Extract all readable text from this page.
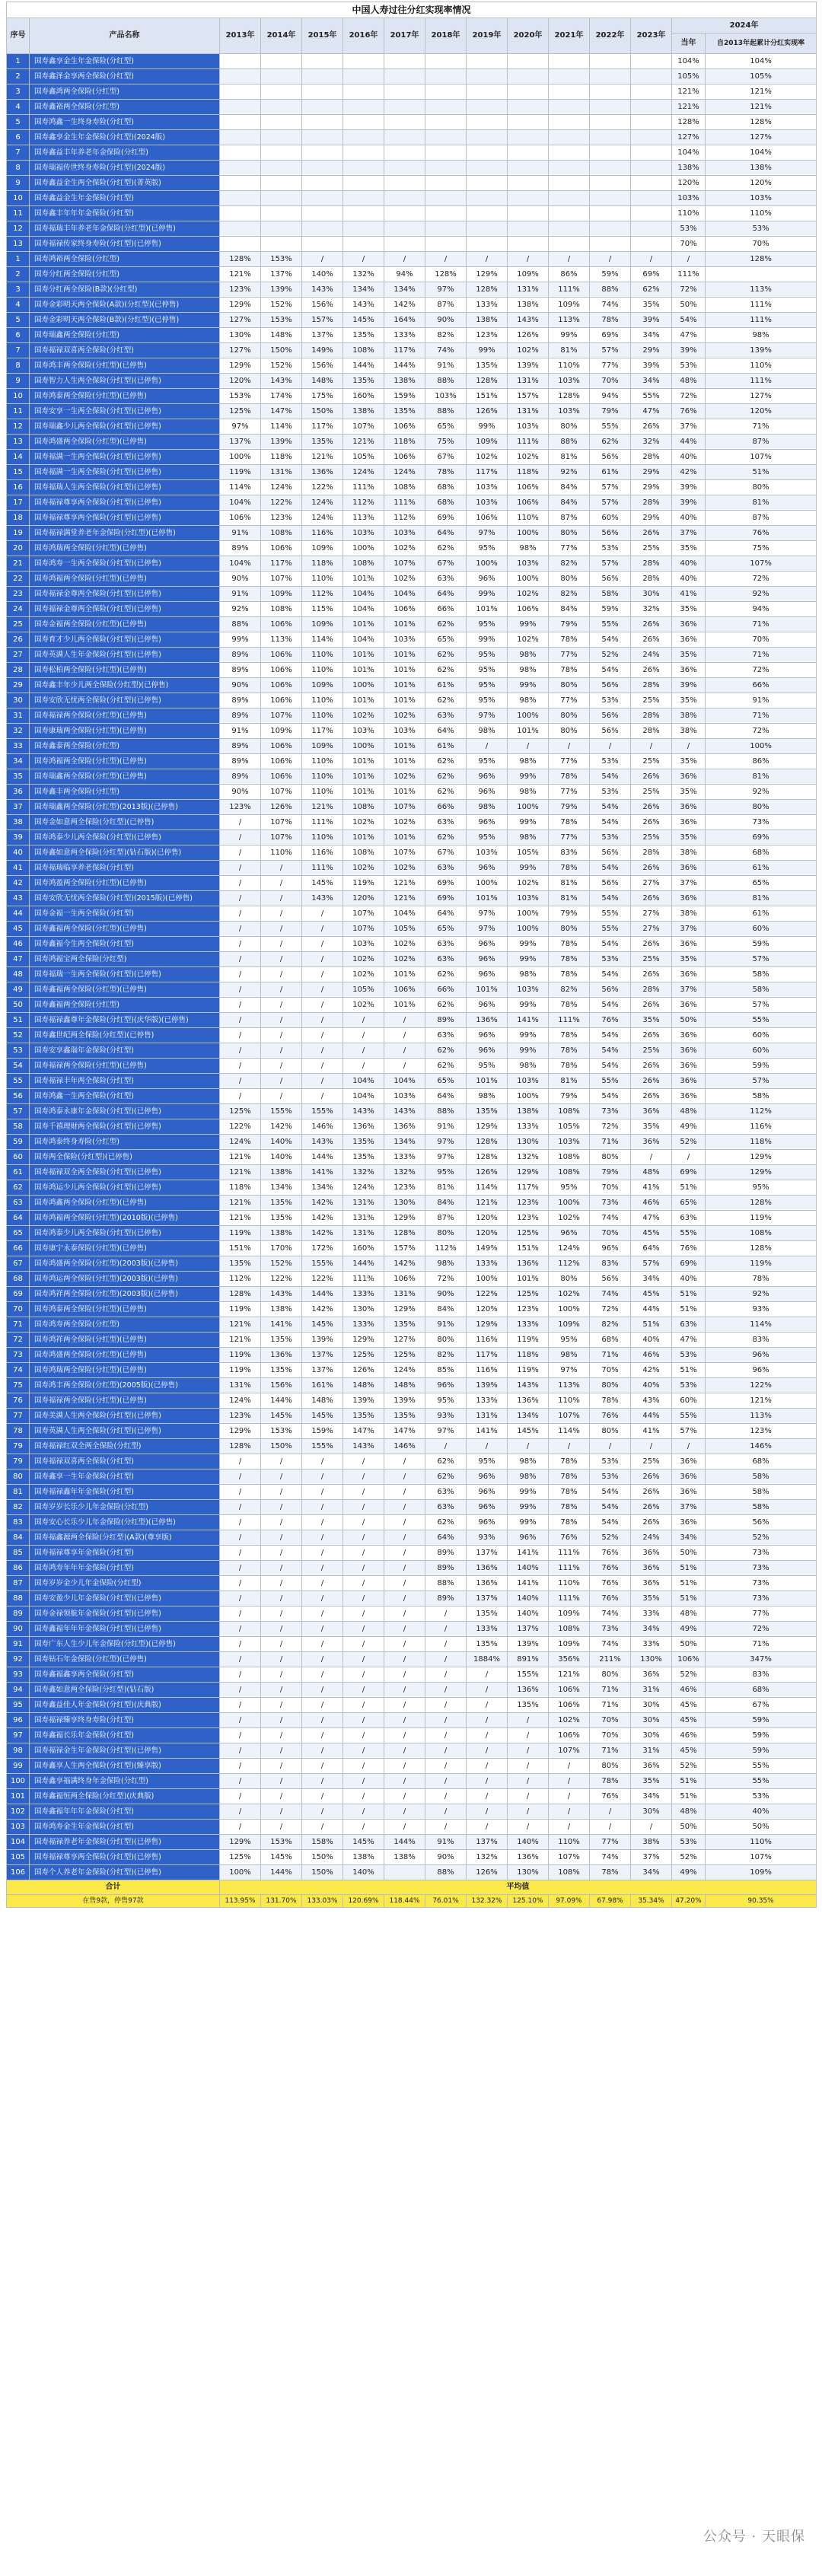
中国人寿过往分红实现率情况														
序号	产品名称	2013年	2014年	2015年	2016年	2017年	2018年	2019年	2020年	2021年	2022年	2023年	2024年	
													当年	自2013年起累计分红实现率
1	国寿鑫享金生年金保险(分红型)												104%	104%
2	国寿鑫泽金享两全保险(分红型)												105%	105%
3	国寿鑫鸿两全保险(分红型)												121%	121%
4	国寿鑫裕两全保险(分红型)												121%	121%
5	国寿鸿鑫一生终身寿险(分红型)												128%	128%
6	国寿鑫享金生年金保险(分红型)(2024版)												127%	127%
7	国寿鑫益丰年养老年金保险(分红型)												104%	104%
8	国寿瑞福传世终身寿险(分红型)(2024版)												138%	138%
9	国寿鑫益金生两全保险(分红型)(菁英版)												120%	120%
10	国寿鑫益金生年金保险(分红型)												103%	103%
11	国寿鑫丰年年年金保险(分红型)												110%	110%
12	国寿福瑞丰年养老年金保险(分红型)(已停售)												53%	53%
13	国寿福禄传家终身寿险(分红型)(已停售)												70%	70%
1	国寿鸿裕两全保险(分红型)	128%	153%	/	/	/	/	/	/	/	/	/	/	128%
2	国寿分红两全保险(分红型)	121%	137%	140%	132%	94%	128%	129%	109%	86%	59%	69%	111%	
3	国寿分红两全保险(B款)(分红型)	123%	139%	143%	134%	134%	97%	128%	131%	111%	88%	62%	72%	113%
4	国寿金彩明天两全保险(A款)(分红型)(已停售)	129%	152%	156%	143%	142%	87%	133%	138%	109%	74%	35%	50%	111%
5	国寿金彩明天两全保险(B款)(分红型)(已停售)	127%	153%	157%	145%	164%	90%	138%	143%	113%	78%	39%	54%	111%
6	国寿瑞鑫两全保险(分红型)	130%	148%	137%	135%	133%	82%	123%	126%	99%	69%	34%	47%	98%
7	国寿福禄双喜两全保险(分红型)	127%	150%	149%	108%	117%	74%	99%	102%	81%	57%	29%	39%	139%
8	国寿鸿丰两全保险(分红型)(已停售)	129%	152%	156%	144%	144%	91%	135%	139%	110%	77%	39%	53%	110%
9	国寿智力人生两全保险(分红型)(已停售)	120%	143%	148%	135%	138%	88%	128%	131%	103%	70%	34%	48%	111%
10	国寿鸿泰两全保险(分红型)(已停售)	153%	174%	175%	160%	159%	103%	151%	157%	128%	94%	55%	72%	127%
11	国寿安享一生两全保险(分红型)(已停售)	125%	147%	150%	138%	135%	88%	126%	131%	103%	79%	47%	76%	120%
12	国寿瑞鑫少儿两全保险(分红型)(已停售)	97%	114%	117%	107%	106%	65%	99%	103%	80%	55%	26%	37%	71%
13	国寿鸿盛两全保险(分红型)(已停售)	137%	139%	135%	121%	118%	75%	109%	111%	88%	62%	32%	44%	87%
14	国寿福满一生两全保险(分红型)(已停售)	100%	118%	121%	105%	106%	67%	102%	102%	81%	56%	28%	40%	107%
15	国寿福满一生两全保险(分红型)(已停售)	119%	131%	136%	124%	124%	78%	117%	118%	92%	61%	29%	42%	51%
16	国寿福瑞人生两全保险(分红型)(已停售)	114%	124%	122%	111%	108%	68%	103%	106%	84%	57%	29%	39%	80%
17	国寿福禄尊享两全保险(分红型)(已停售)	104%	122%	124%	112%	111%	68%	103%	106%	84%	57%	28%	39%	81%
18	国寿福禄尊享两全保险(分红型)(已停售)	106%	123%	124%	113%	112%	69%	106%	110%	87%	60%	29%	40%	87%
19	国寿福禄满堂养老年金保险(分红型)(已停售)	91%	108%	116%	103%	103%	64%	97%	100%	80%	56%	26%	37%	76%
20	国寿鸿瑞两全保险(分红型)(已停售)	89%	106%	109%	100%	102%	62%	95%	98%	77%	53%	25%	35%	75%
21	国寿鸿寿一生两全保险(分红型)(已停售)	104%	117%	118%	108%	107%	67%	100%	103%	82%	57%	28%	40%	107%
22	国寿鸿福两全保险(分红型)(已停售)	90%	107%	110%	101%	102%	63%	96%	100%	80%	56%	28%	40%	72%
23	国寿福禄金尊两全保险(分红型)(已停售)	91%	109%	112%	104%	104%	64%	99%	102%	82%	58%	30%	41%	92%
24	国寿福禄金尊两全保险(分红型)(已停售)	92%	108%	115%	104%	106%	66%	101%	106%	84%	59%	32%	35%	94%
25	国寿金福两全保险(分红型)(已停售)	88%	106%	109%	101%	101%	62%	95%	99%	79%	55%	26%	36%	71%
26	国寿育才少儿两全保险(分红型)(已停售)	99%	113%	114%	104%	103%	65%	99%	102%	78%	54%	26%	36%	70%
27	国寿英满人生年金保险(分红型)(已停售)	89%	106%	110%	101%	101%	62%	95%	98%	77%	52%	24%	35%	71%
28	国寿松柏两全保险(分红型)(已停售)	89%	106%	110%	101%	101%	62%	95%	98%	78%	54%	26%	36%	72%
29	国寿鑫丰年少儿两全保险(分红型)(已停售)	90%	106%	109%	100%	101%	61%	95%	99%	80%	56%	28%	39%	66%
30	国寿安欣无忧两全保险(分红型)(已停售)	89%	106%	110%	101%	101%	62%	95%	98%	77%	53%	25%	35%	91%
31	国寿福禄两全保险(分红型)(已停售)	89%	107%	110%	102%	102%	63%	97%	100%	80%	56%	28%	38%	71%
32	国寿康瑞两全保险(分红型)(已停售)	91%	109%	117%	103%	103%	64%	98%	101%	80%	56%	28%	38%	72%
33	国寿鑫泰两全保险(分红型)	89%	106%	109%	100%	101%	61%	/	/	/	/	/	/	100%
34	国寿鸿福两全保险(分红型)(已停售)	89%	106%	110%	101%	101%	62%	95%	98%	77%	53%	25%	35%	86%
35	国寿瑞鑫两全保险(分红型)(已停售)	89%	106%	110%	101%	102%	62%	96%	99%	78%	54%	26%	36%	81%
36	国寿鑫丰两全保险(分红型)	90%	107%	110%	101%	101%	62%	96%	98%	77%	53%	25%	35%	92%
37	国寿瑞鑫两全保险(分红型)(2013版)(已停售)	123%	126%	121%	108%	107%	66%	98%	100%	79%	54%	26%	36%	80%
38	国寿金如意两全保险(分红型)(已停售)	/	107%	111%	102%	102%	63%	96%	99%	78%	54%	26%	36%	73%
39	国寿鸿泰少儿两全保险(分红型)(已停售)	/	107%	110%	101%	101%	62%	95%	98%	77%	53%	25%	35%	69%
40	国寿鑫如意两全保险(分红型)(钻石版)(已停售)	/	110%	116%	108%	107%	67%	103%	105%	83%	56%	28%	38%	68%
41	国寿福瑞临享养老保险(分红型)	/	/	111%	102%	102%	63%	96%	99%	78%	54%	26%	36%	61%
42	国寿鸿盈两全保险(分红型)(已停售)	/	/	145%	119%	121%	69%	100%	102%	81%	56%	27%	37%	65%
43	国寿安欣无忧两全保险(分红型)(2015版)(已停售)	/	/	143%	120%	121%	69%	101%	103%	81%	54%	26%	36%	81%
44	国寿金福一生两全保险(分红型)	/	/	/	107%	104%	64%	97%	100%	79%	55%	27%	38%	61%
45	国寿鑫福两全保险(分红型)(已停售)	/	/	/	107%	105%	65%	97%	100%	80%	55%	27%	37%	60%
46	国寿鑫福今生两全保险(分红型)	/	/	/	103%	102%	63%	96%	99%	78%	54%	26%	36%	59%
47	国寿鸿福宝两全保险(分红型)	/	/	/	102%	102%	63%	96%	99%	78%	53%	25%	35%	57%
48	国寿福瑞一生两全保险(分红型)(已停售)	/	/	/	102%	101%	62%	96%	98%	78%	54%	26%	36%	58%
49	国寿鑫福两全保险(分红型)(已停售)	/	/	/	105%	106%	66%	101%	103%	82%	56%	28%	37%	58%
50	国寿鑫福两全保险(分红型)	/	/	/	102%	101%	62%	96%	99%	78%	54%	26%	36%	57%
51	国寿福禄鑫尊年金保险(分红型)(庆华版)(已停售)	/	/	/	/	/	89%	136%	141%	111%	76%	35%	50%	55%
52	国寿鑫世纪两全保险(分红型)(已停售)	/	/	/	/	/	63%	96%	99%	78%	54%	26%	36%	60%
53	国寿安享鑫瑞年金保险(分红型)	/	/	/	/	/	62%	96%	99%	78%	54%	25%	36%	60%
54	国寿福禄两全保险(分红型)(已停售)	/	/	/	/	/	62%	95%	98%	78%	54%	26%	36%	59%
55	国寿福禄丰年两全保险(分红型)	/	/	/	104%	104%	65%	101%	103%	81%	55%	26%	36%	57%
56	国寿鸿鑫一生两全保险(分红型)	/	/	/	104%	103%	64%	98%	100%	79%	54%	26%	36%	58%
57	国寿鸿泰永康年金保险(分红型)(已停售)	125%	155%	155%	143%	143%	88%	135%	138%	108%	73%	36%	48%	112%
58	国寿千禧理财两全保险(分红型)(已停售)	122%	142%	146%	136%	136%	91%	129%	133%	105%	72%	35%	49%	116%
59	国寿鸿泰终身寿险(分红型)	124%	140%	143%	135%	134%	97%	128%	130%	103%	71%	36%	52%	118%
60	国寿两全保险(分红型)(已停售)	121%	140%	144%	135%	133%	97%	128%	132%	108%	80%	/	/	129%
61	国寿福禄双全两全保险(分红型)(已停售)	121%	138%	141%	132%	132%	95%	126%	129%	108%	79%	48%	69%	129%
62	国寿鸿运少儿两全保险(分红型)(已停售)	118%	134%	134%	124%	123%	81%	114%	117%	95%	70%	41%	51%	95%
63	国寿鸿鑫两全保险(分红型)(已停售)	121%	135%	142%	131%	130%	84%	121%	123%	100%	73%	46%	65%	128%
64	国寿鸿福两全保险(分红型)(2010版)(已停售)	121%	135%	142%	131%	129%	87%	120%	123%	102%	74%	47%	63%	119%
65	国寿鸿泰少儿两全保险(分红型)(已停售)	119%	138%	142%	131%	128%	80%	120%	125%	96%	70%	45%	55%	108%
66	国寿康宁永泰保险(分红型)(已停售)	151%	170%	172%	160%	157%	112%	149%	151%	124%	96%	64%	76%	128%
67	国寿鸿盛两全保险(分红型)(2003版)(已停售)	135%	152%	155%	144%	142%	98%	133%	136%	112%	83%	57%	69%	119%
68	国寿鸿运两全保险(分红型)(2003版)(已停售)	112%	122%	122%	111%	106%	72%	100%	101%	80%	56%	34%	40%	78%
69	国寿鸿祥两全保险(分红型)(2003版)(已停售)	128%	143%	144%	133%	131%	90%	122%	125%	102%	74%	45%	51%	92%
70	国寿鸿泰两全保险(分红型)(已停售)	119%	138%	142%	130%	129%	84%	120%	123%	100%	72%	44%	51%	93%
71	国寿鸿寿两全保险(分红型)	121%	141%	145%	133%	135%	91%	129%	133%	109%	82%	51%	63%	114%
72	国寿鸿祥两全保险(分红型)(已停售)	121%	135%	139%	129%	127%	80%	116%	119%	95%	68%	40%	47%	83%
73	国寿鸿盛两全保险(分红型)(已停售)	119%	136%	137%	125%	125%	82%	117%	118%	98%	71%	46%	53%	96%
74	国寿鸿瑞两全保险(分红型)(已停售)	119%	135%	137%	126%	124%	85%	116%	119%	97%	70%	42%	51%	96%
75	国寿鸿丰两全保险(分红型)(2005版)(已停售)	131%	156%	161%	148%	148%	96%	139%	143%	113%	80%	40%	53%	122%
76	国寿福禄两全保险(分红型)(已停售)	124%	144%	148%	139%	139%	95%	133%	136%	110%	78%	43%	60%	121%
77	国寿美满人生两全保险(分红型)(已停售)	123%	145%	145%	135%	135%	93%	131%	134%	107%	76%	44%	55%	113%
78	国寿英满人生两全保险(分红型)(已停售)	129%	153%	159%	147%	147%	97%	141%	145%	114%	80%	41%	57%	123%
79	国寿福禄红双全两全保险(分红型)	128%	150%	155%	143%	146%	/	/	/	/	/	/	/	146%
79	国寿福禄双喜两全保险(分红型)	/	/	/	/	/	62%	95%	98%	78%	53%	25%	36%	68%
80	国寿鑫享一生年金保险(分红型)	/	/	/	/	/	62%	96%	98%	78%	53%	26%	36%	58%
81	国寿福禄鑫年年金保险(分红型)	/	/	/	/	/	63%	96%	99%	78%	54%	26%	36%	58%
82	国寿岁岁长乐少儿年金保险(分红型)	/	/	/	/	/	63%	96%	99%	78%	54%	26%	37%	58%
83	国寿安心长乐少儿年金保险(分红型)(已停售)	/	/	/	/	/	62%	96%	99%	78%	54%	26%	36%	56%
84	国寿福鑫源两全保险(分红型)(A款)(尊享版)	/	/	/	/	/	64%	93%	96%	76%	52%	24%	34%	52%
85	国寿福禄尊享年金保险(分红型)	/	/	/	/	/	89%	137%	141%	111%	76%	36%	50%	73%
86	国寿鸿寿年年年金保险(分红型)	/	/	/	/	/	89%	136%	140%	111%	76%	36%	51%	73%
87	国寿岁岁金少儿年金保险(分红型)	/	/	/	/	/	88%	136%	141%	110%	76%	36%	51%	73%
88	国寿安盈少儿年金保险(分红型)(已停售)	/	/	/	/	/	89%	137%	140%	111%	76%	35%	51%	73%
89	国寿金禄领航年金保险(分红型)(已停售)	/	/	/	/	/	/	135%	140%	109%	74%	33%	48%	77%
90	国寿鑫福年年年金保险(分红型)(已停售)	/	/	/	/	/	/	133%	137%	108%	73%	34%	49%	72%
91	国寿广东人生少儿年金保险(分红型)(已停售)	/	/	/	/	/	/	135%	139%	109%	74%	33%	50%	71%
92	国寿钻石年金保险(分红型)(已停售)	/	/	/	/	/	/	1884%	891%	356%	211%	130%	106%	347%
93	国寿鑫福鑫享两全保险(分红型)	/	/	/	/	/	/	/	155%	121%	80%	36%	52%	83%
94	国寿鑫如意两全保险(分红型)(钻石版)	/	/	/	/	/	/	/	136%	106%	71%	31%	46%	68%
95	国寿鑫益佳人年金保险(分红型)(庆典版)	/	/	/	/	/	/	/	135%	106%	71%	30%	45%	67%
96	国寿福禄臻享终身寿险(分红型)	/	/	/	/	/	/	/	/	102%	70%	30%	45%	59%
97	国寿鑫福长乐年金保险(分红型)	/	/	/	/	/	/	/	/	106%	70%	30%	46%	59%
98	国寿福禄金生年金保险(分红型)(已停售)	/	/	/	/	/	/	/	/	107%	71%	31%	45%	59%
99	国寿鑫享人生两全保险(分红型)(臻享版)	/	/	/	/	/	/	/	/	/	80%	36%	52%	55%
100	国寿鑫享福满终身年金保险(分红型)	/	/	/	/	/	/	/	/	/	78%	35%	51%	55%
101	国寿鑫福恒两全保险(分红型)(庆典版)	/	/	/	/	/	/	/	/	/	76%	34%	51%	53%
102	国寿鑫福年年年金保险(分红型)	/	/	/	/	/	/	/	/	/	/	30%	48%	40%
103	国寿鸿寿金生年金保险(分红型)	/	/	/	/	/	/	/	/	/	/	/	50%	50%
104	国寿福禄养老年金保险(分红型)(已停售)	129%	153%	158%	145%	144%	91%	137%	140%	110%	77%	38%	53%	110%
105	国寿福禄尊享两全保险(分红型)(已停售)	125%	145%	150%	138%	138%	90%	132%	136%	107%	74%	37%	52%	107%
106	国寿个人养老年金保险(分红型)(已停售)	100%	144%	150%	140%		88%	126%	130%	108%	78%	34%	49%	109%
合计		平均值												
在售9款，停售97款		113.95%	131.70%	133.03%	120.69%	118.44%	76.01%	132.32%	125.10%	97.09%	67.98%	35.34%	47.20%	90.35%
公众号 · 天眼保
